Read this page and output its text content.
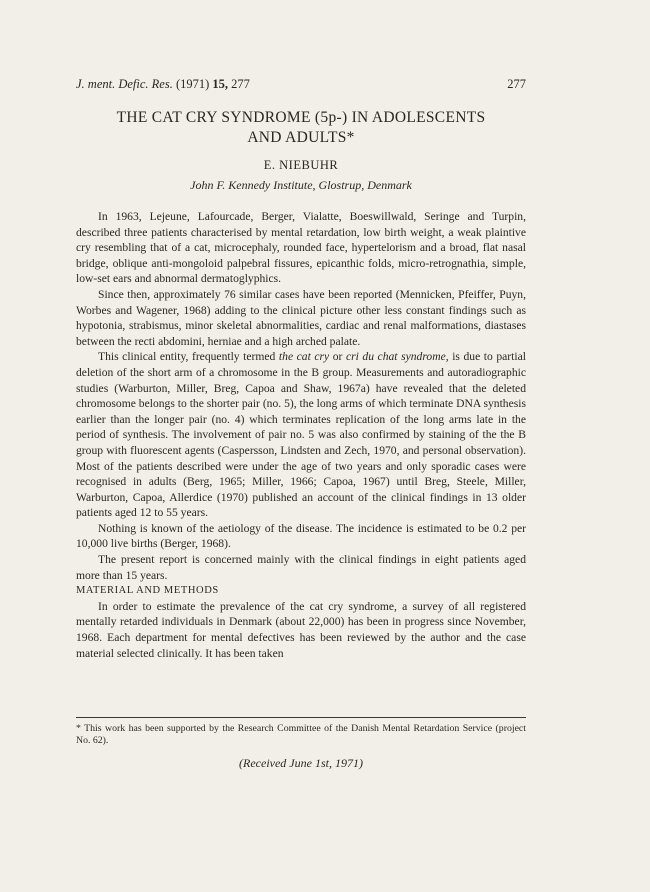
J. ment. Defic. Res. (1971) 15, 277	277
THE CAT CRY SYNDROME (5p-) IN ADOLESCENTS
AND ADULTS*
E. NIEBUHR
John F. Kennedy Institute, Glostrup, Denmark

In 1963, Lejeune, Lafourcade, Berger, Vialatte, Boeswillwald, Seringe and Turpin, described three patients characterised by mental retardation, low birth weight, a weak plaintive cry resembling that of a cat, microcephaly, rounded face, hypertelorism and a broad, flat nasal bridge, oblique anti-mongoloid palpebral fissures, epicanthic folds, micro-retrognathia, simple, low-set ears and abnormal dermatoglyphics.

Since then, approximately 76 similar cases have been reported (Mennicken, Pfeiffer, Puyn, Worbes and Wagener, 1968) adding to the clinical picture other less constant findings such as hypotonia, strabismus, minor skeletal abnormalities, cardiac and renal malformations, diastases between the recti abdomini, herniae and a high arched palate.

This clinical entity, frequently termed the cat cry or cri du chat syndrome, is due to partial deletion of the short arm of a chromosome in the B group. Measurements and autoradiographic studies (Warburton, Miller, Breg, Capoa and Shaw, 1967a) have revealed that the deleted chromosome belongs to the shorter pair (no. 5), the long arms of which terminate DNA synthesis earlier than the longer pair (no. 4) which terminates replication of the long arms late in the period of synthesis. The involvement of pair no. 5 was also confirmed by staining of the the B group with fluorescent agents (Caspersson, Lindsten and Zech, 1970, and personal observation). Most of the patients described were under the age of two years and only sporadic cases were recognised in adults (Berg, 1965; Miller, 1966; Capoa, 1967) until Breg, Steele, Miller, Warburton, Capoa, Allerdice (1970) published an account of the clinical findings in 13 older patients aged 12 to 55 years.

Nothing is known of the aetiology of the disease. The incidence is estimated to be 0.2 per 10,000 live births (Berger, 1968).

The present report is concerned mainly with the clinical findings in eight patients aged more than 15 years.

MATERIAL AND METHODS

In order to estimate the prevalence of the cat cry syndrome, a survey of all registered mentally retarded individuals in Denmark (about 22,000) has been in progress since November, 1968. Each department for mental defectives has been reviewed by the author and the case material selected clinically. It has been taken

* This work has been supported by the Research Committee of the Danish Mental Retardation Service (project No. 62).
(Received June 1st, 1971)
